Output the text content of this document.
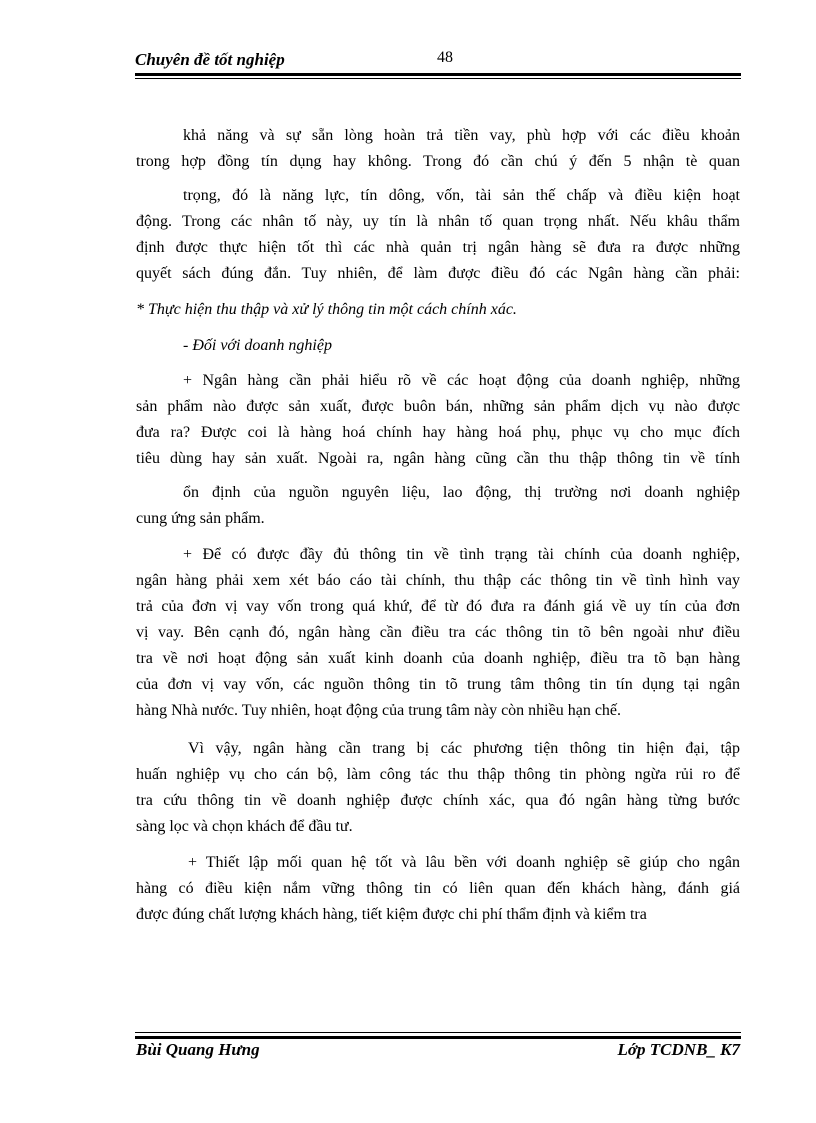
Chuyên đề tốt nghiệp	48
khả năng và sự sẵn lòng hoàn trả tiền vay, phù hợp với các điều khoản
trong hợp đồng tín dụng hay không. Trong đó cần chú ý đến 5 nhận tè quan
trọng, đó là năng lực, tín dông, vốn, tài sản thế chấp và điều kiện hoạt
động. Trong các nhân tố này, uy tín là nhân tố quan trọng nhất. Nếu khâu thẩm
định được thực hiện tốt thì các nhà quản trị ngân hàng sẽ đưa ra được những
quyết sách đúng đắn. Tuy nhiên, để làm được điều đó các Ngân hàng cần phải:
* Thực hiện thu thập và xử lý thông tin một cách chính xác.
- Đối với doanh nghiệp
+ Ngân hàng cần phải hiểu rõ về các hoạt động của doanh nghiệp, những
sản phẩm nào được sản xuất, được buôn bán, những sản phẩm dịch vụ nào được
đưa ra? Được coi là hàng hoá chính hay hàng hoá phụ, phục vụ cho mục đích
tiêu dùng hay sản xuất. Ngoài ra, ngân hàng cũng cần thu thập thông tin về tính
ổn định của nguồn nguyên liệu, lao động, thị trường nơi doanh nghiệp
cung ứng sản phẩm.
+ Để có được đầy đủ thông tin về tình trạng tài chính của doanh nghiệp,
ngân hàng phải xem xét báo cáo tài chính, thu thập các thông tin về tình hình vay
trả của đơn vị vay vốn trong quá khứ, để từ đó đưa ra đánh giá về uy tín của đơn
vị vay. Bên cạnh đó, ngân hàng cần điều tra các thông tin tõ bên ngoài như điều
tra về nơi hoạt động sản xuất kinh doanh của doanh nghiệp, điều tra tõ bạn hàng
của đơn vị vay vốn, các nguồn thông tin tõ trung tâm thông tin tín dụng tại ngân
hàng Nhà nước. Tuy nhiên, hoạt động của trung tâm này còn nhiều hạn chế.
Vì vậy, ngân hàng cần trang bị các phương tiện thông tin hiện đại, tập
huấn nghiệp vụ cho cán bộ, làm công tác thu thập thông tin phòng ngừa rủi ro để
tra cứu thông tin về doanh nghiệp được chính xác, qua đó ngân hàng từng bước
sàng lọc và chọn khách để đầu tư.
+ Thiết lập mối quan hệ tốt và lâu bền với doanh nghiệp sẽ giúp cho ngân
hàng có điều kiện nắm vững thông tin có liên quan đến khách hàng, đánh giá
được đúng chất lượng khách hàng, tiết kiệm được chi phí thẩm định và kiểm tra
Bùi Quang Hưng	Lớp TCDNB_ K7
